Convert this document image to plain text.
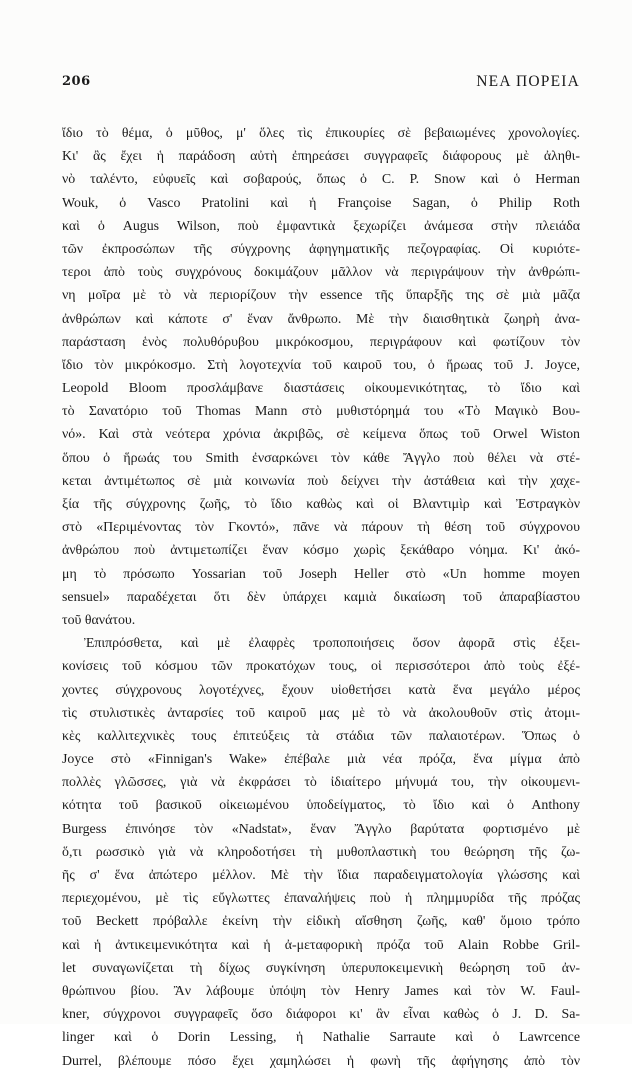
206	ΝΕΑ ΠΟΡΕΙΑ
ἴδιο τὸ θέμα, ὁ μῦθος, μ' ὅλες τὶς ἐπικουρίες σὲ βεβαιωμένες χρονολογίες.
Κι' ἂς ἔχει ἡ παράδοση αὐτὴ ἐπηρεάσει συγγραφεῖς διάφορους μὲ ἀληθι-
νὸ ταλέντο, εὐφυεῖς καὶ σοβαρούς, ὅπως ὁ C. P. Snow καὶ ὁ Herman
Wouk, ὁ Vasco Pratolini καὶ ἡ Françoise Sagan, ὁ Philip Roth
καὶ ὁ Augus Wilson, ποὺ ἐμφαντικὰ ξεχωρίζει ἀνάμεσα στὴν πλειάδα
τῶν ἐκπροσώπων τῆς σύγχρονης ἀφηγηματικῆς πεζογραφίας. Οἱ κυριότε-
τεροι ἀπὸ τοὺς συγχρόνους δοκιμάζουν μᾶλλον νὰ περιγράψουν τὴν ἀνθρώπι-
νη μοῖρα μὲ τὸ νὰ περιορίζουν τὴν essence τῆς ὕπαρξῆς της σὲ μιὰ μᾶζα
ἀνθρώπων καὶ κάποτε σ' ἕναν ἄνθρωπο. Μὲ τὴν διαισθητικὰ ζωηρὴ ἀνα-
παράσταση ἑνὸς πολυθόρυβου μικρόκοσμου, περιγράφουν καὶ φωτίζουν τὸν
ἴδιο τὸν μικρόκοσμο. Στὴ λογοτεχνία τοῦ καιροῦ του, ὁ ἥρωας τοῦ J. Joyce,
Leopold Bloom προσλάμβανε διαστάσεις οἰκουμενικότητας, τὸ ἴδιο καὶ
τὸ Σανατόριο τοῦ Thomas Mann στὸ μυθιστόρημά του «Τὸ Μαγικὸ Βου-
νό». Καὶ στὰ νεότερα χρόνια ἀκριβῶς, σὲ κείμενα ὅπως τοῦ Orwel Wiston
ὅπου ὁ ἥρωάς του Smith ἐνσαρκώνει τὸν κάθε Ἄγγλο ποὺ θέλει νὰ στέ-
κεται ἀντιμέτωπος σὲ μιὰ κοινωνία ποὺ δείχνει τὴν ἀστάθεια καὶ τὴν χαχε-
ξία τῆς σύγχρονης ζωῆς, τὸ ἴδιο καθὼς καὶ οἱ Βλαντιμὶρ καὶ Ἐστραγκὸν
στὸ «Περιμένοντας τὸν Γκοντό», πᾶνε νὰ πάρουν τὴ θέση τοῦ σύγχρονου
ἀνθρώπου ποὺ ἀντιμετωπίζει ἕναν κόσμο χωρὶς ξεκάθαρο νόημα. Κι' ἀκό-
μη τὸ πρόσωπο Yossarian τοῦ Joseph Heller στὸ «Un homme moyen
sensuel» παραδέχεται ὅτι δὲν ὑπάρχει καμιὰ δικαίωση τοῦ ἀπαραβίαστου
τοῦ θανάτου.
Ἐπιπρόσθετα, καὶ μὲ ἐλαφρὲς τροποποιήσεις ὅσον ἀφορᾶ στὶς ἐξει-
κονίσεις τοῦ κόσμου τῶν προκατόχων τους, οἱ περισσότεροι ἀπὸ τοὺς ἐξέ-
χοντες σύγχρονους λογοτέχνες, ἔχουν υἱοθετήσει κατὰ ἕνα μεγάλο μέρος
τὶς στυλιστικὲς ἀνταρσίες τοῦ καιροῦ μας μὲ τὸ νὰ ἀκολουθοῦν στὶς ἀτομι-
κὲς καλλιτεχνικὲς τους ἐπιτεύξεις τὰ στάδια τῶν παλαιοτέρων. Ὅπως ὁ
Joyce στὸ «Finnigan's Wake» ἐπέβαλε μιὰ νέα πρόζα, ἕνα μίγμα ἀπὸ
πολλὲς γλῶσσες, γιὰ νὰ ἐκφράσει τὸ ἰδιαίτερο μήνυμά του, τὴν οἰκουμενι-
κότητα τοῦ βασικοῦ οἰκειωμένου ὑποδείγματος, τὸ ἴδιο καὶ ὁ Anthony
Burgess ἐπινόησε τὸν «Nadstat», ἕναν Ἄγγλο βαρύτατα φορτισμένο μὲ
ὅ,τι ρωσσικὸ γιὰ νὰ κληροδοτήσει τὴ μυθοπλαστικὴ του θεώρηση τῆς ζω-
ῆς σ' ἕνα ἀπώτερο μέλλον. Μὲ τὴν ἴδια παραδειγματολογία γλώσσης καὶ
περιεχομένου, μὲ τὶς εὔγλωττες ἐπαναλήψεις ποὺ ἡ πλημμυρίδα τῆς πρόζας
τοῦ Beckett πρόβαλλε ἐκείνη τὴν εἰδικὴ αἴσθηση ζωῆς, καθ' ὅμοιο τρόπο
καὶ ἡ ἀντικειμενικότητα καὶ ἡ ἀ-μεταφορικὴ πρόζα τοῦ Alain Robbe Gril-
let συναγωνίζεται τὴ δίχως συγκίνηση ὑπερυποκειμενικὴ θεώρηση τοῦ ἀν-
θρώπινου βίου. Ἂν λάβουμε ὑπόψη τὸν Henry James καὶ τὸν W. Faul-
kner, σύγχρονοι συγγραφεῖς ὅσο διάφοροι κι' ἂν εἶναι καθὼς ὁ J. D. Sa-
linger καὶ ὁ Dorin Lessing, ἡ Nathalie Sarraute καὶ ὁ Lawrcence
Durrel, βλέπουμε πόσο ἔχει χαμηλώσει ἡ φωνὴ τῆς ἀφήγησης ἀπὸ τὸν
